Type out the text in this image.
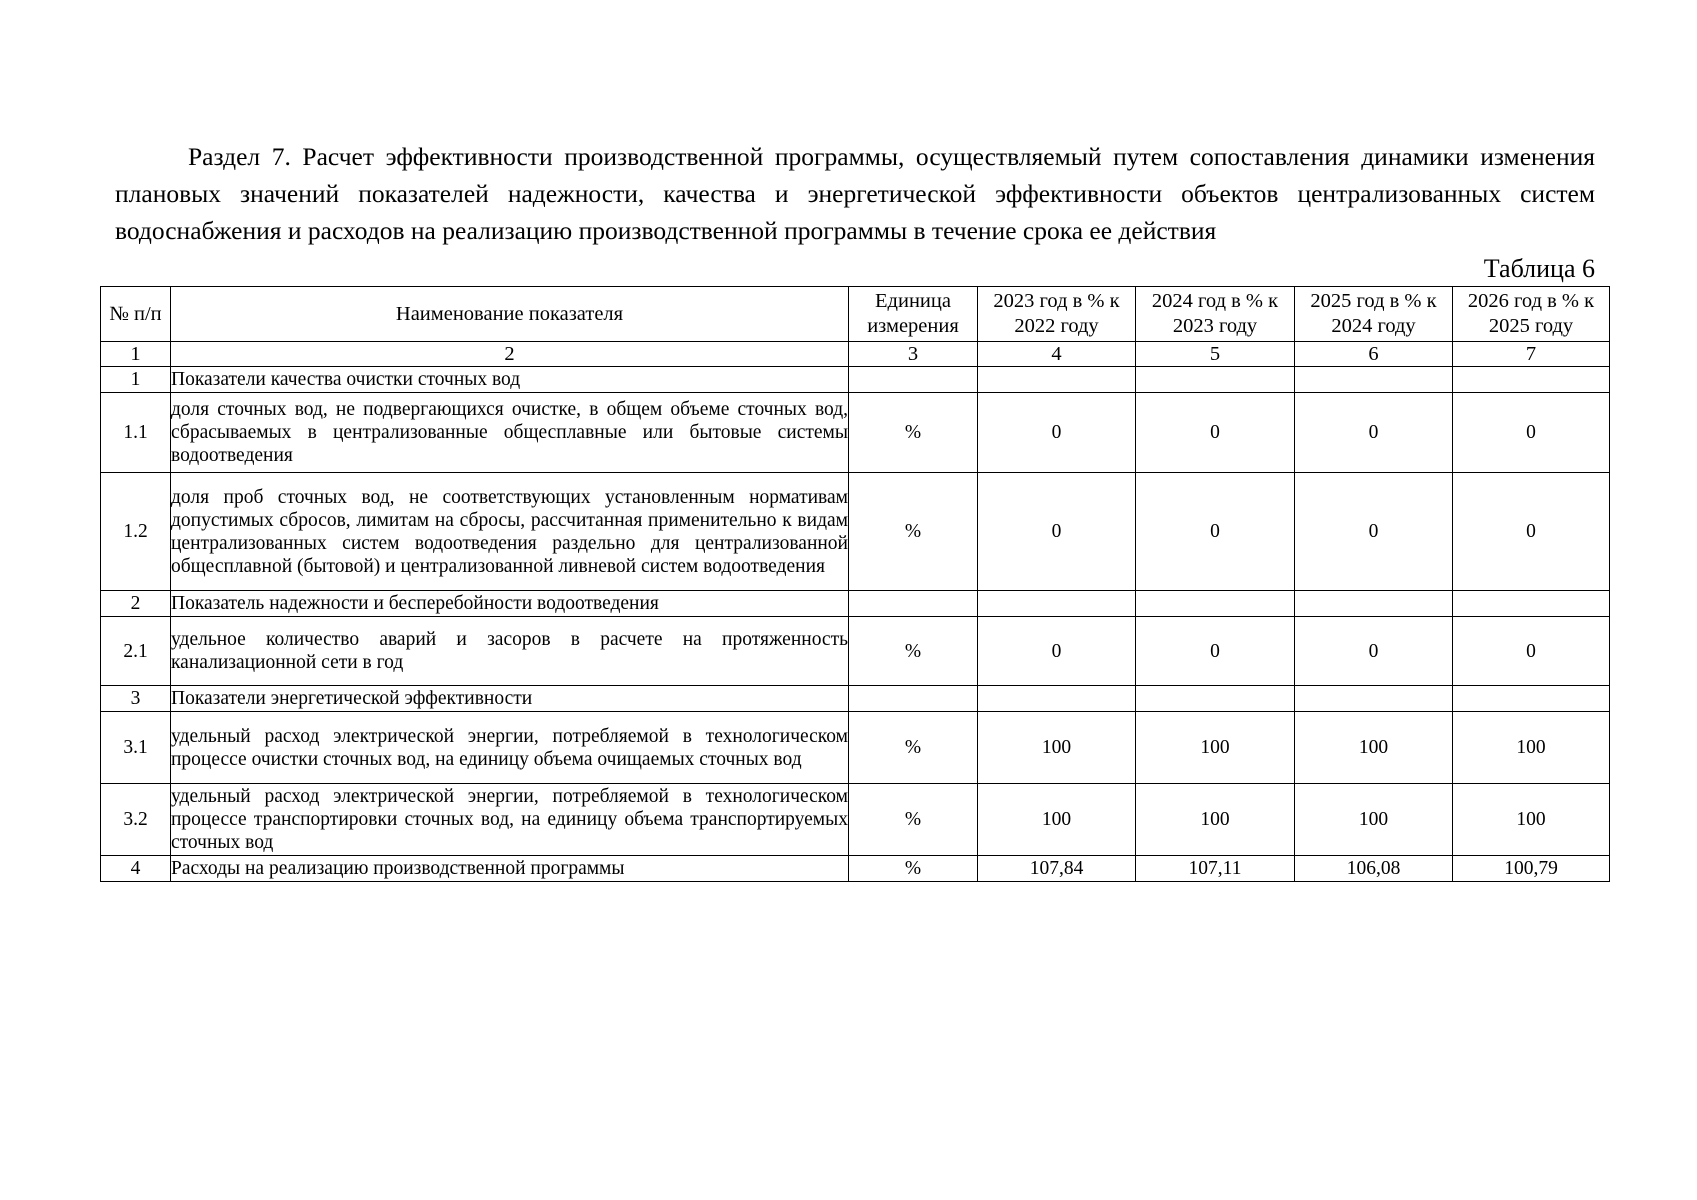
Раздел 7. Расчет эффективности производственной программы, осуществляемый путем сопоставления динамики изменения плановых значений показателей надежности, качества и энергетической эффективности объектов централизованных систем водоснабжения и расходов на реализацию производственной программы в течение срока ее действия

Таблица 6
№ п/п	Наименование показателя	Единица измерения	2023 год в % к 2022 году	2024 год в % к 2023 году	2025 год в % к 2024 году	2026 год в % к 2025 году
1	2	3	4	5	6	7
1	Показатели качества очистки сточных вод					
1.1	доля сточных вод, не подвергающихся очистке, в общем объеме сточных вод, сбрасываемых в централизованные общесплавные или бытовые системы водоотведения	%	0	0	0	0
1.2	доля проб сточных вод, не соответствующих установленным нормативам допустимых сбросов, лимитам на сбросы, рассчитанная применительно к видам централизованных систем водоотведения раздельно для централизованной общесплавной (бытовой) и централизованной ливневой систем водоотведения	%	0	0	0	0
2	Показатель надежности и бесперебойности водоотведения					
2.1	удельное количество аварий и засоров в расчете на протяженность канализационной сети в год	%	0	0	0	0
3	Показатели энергетической эффективности					
3.1	удельный расход электрической энергии, потребляемой в технологическом процессе очистки сточных вод, на единицу объема очищаемых сточных вод	%	100	100	100	100
3.2	удельный расход электрической энергии, потребляемой в технологическом процессе транспортировки сточных вод, на единицу объема транспортируемых сточных вод	%	100	100	100	100
4	Расходы на реализацию производственной программы	%	107,84	107,11	106,08	100,79
